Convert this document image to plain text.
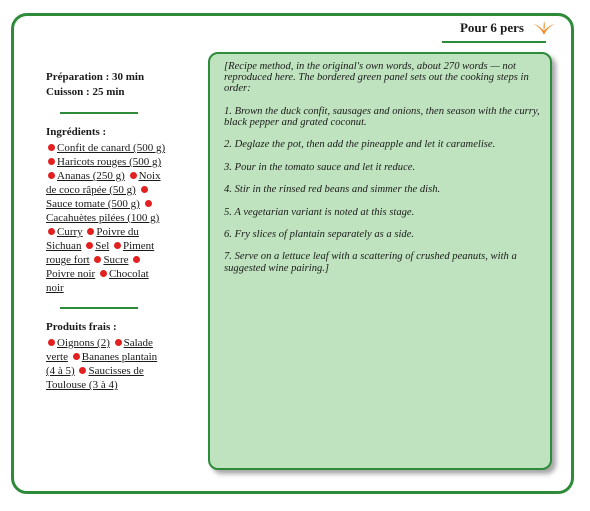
Pour 6 pers
Préparation : 30 min
Cuisson : 25 min
Ingrédients :
Confit de canard (500 g) Haricots rouges (500 g) Ananas (250 g) Noix de coco râpée (50 g) Sauce tomate (500 g) Cacahuètes pilées (100 g) Curry Poivre du Sichuan Sel Piment rouge fort Sucre Poivre noir Chocolat noir
Produits frais :
Oignons (2) Salade verte Bananes plantain (4 à 5) Saucisses de Toulouse (3 à 4)
[Recipe method, in the original's own words, about 270 words — not reproduced here. The bordered green panel sets out the cooking steps in order:

1. Brown the duck confit, sausages and onions, then season with the curry, black pepper and grated coconut.

2. Deglaze the pot, then add the pineapple and let it caramelise.

3. Pour in the tomato sauce and let it reduce.

4. Stir in the rinsed red beans and simmer the dish.

5. A vegetarian variant is noted at this stage.

6. Fry slices of plantain separately as a side.

7. Serve on a lettuce leaf with a scattering of crushed peanuts, with a suggested wine pairing.]
